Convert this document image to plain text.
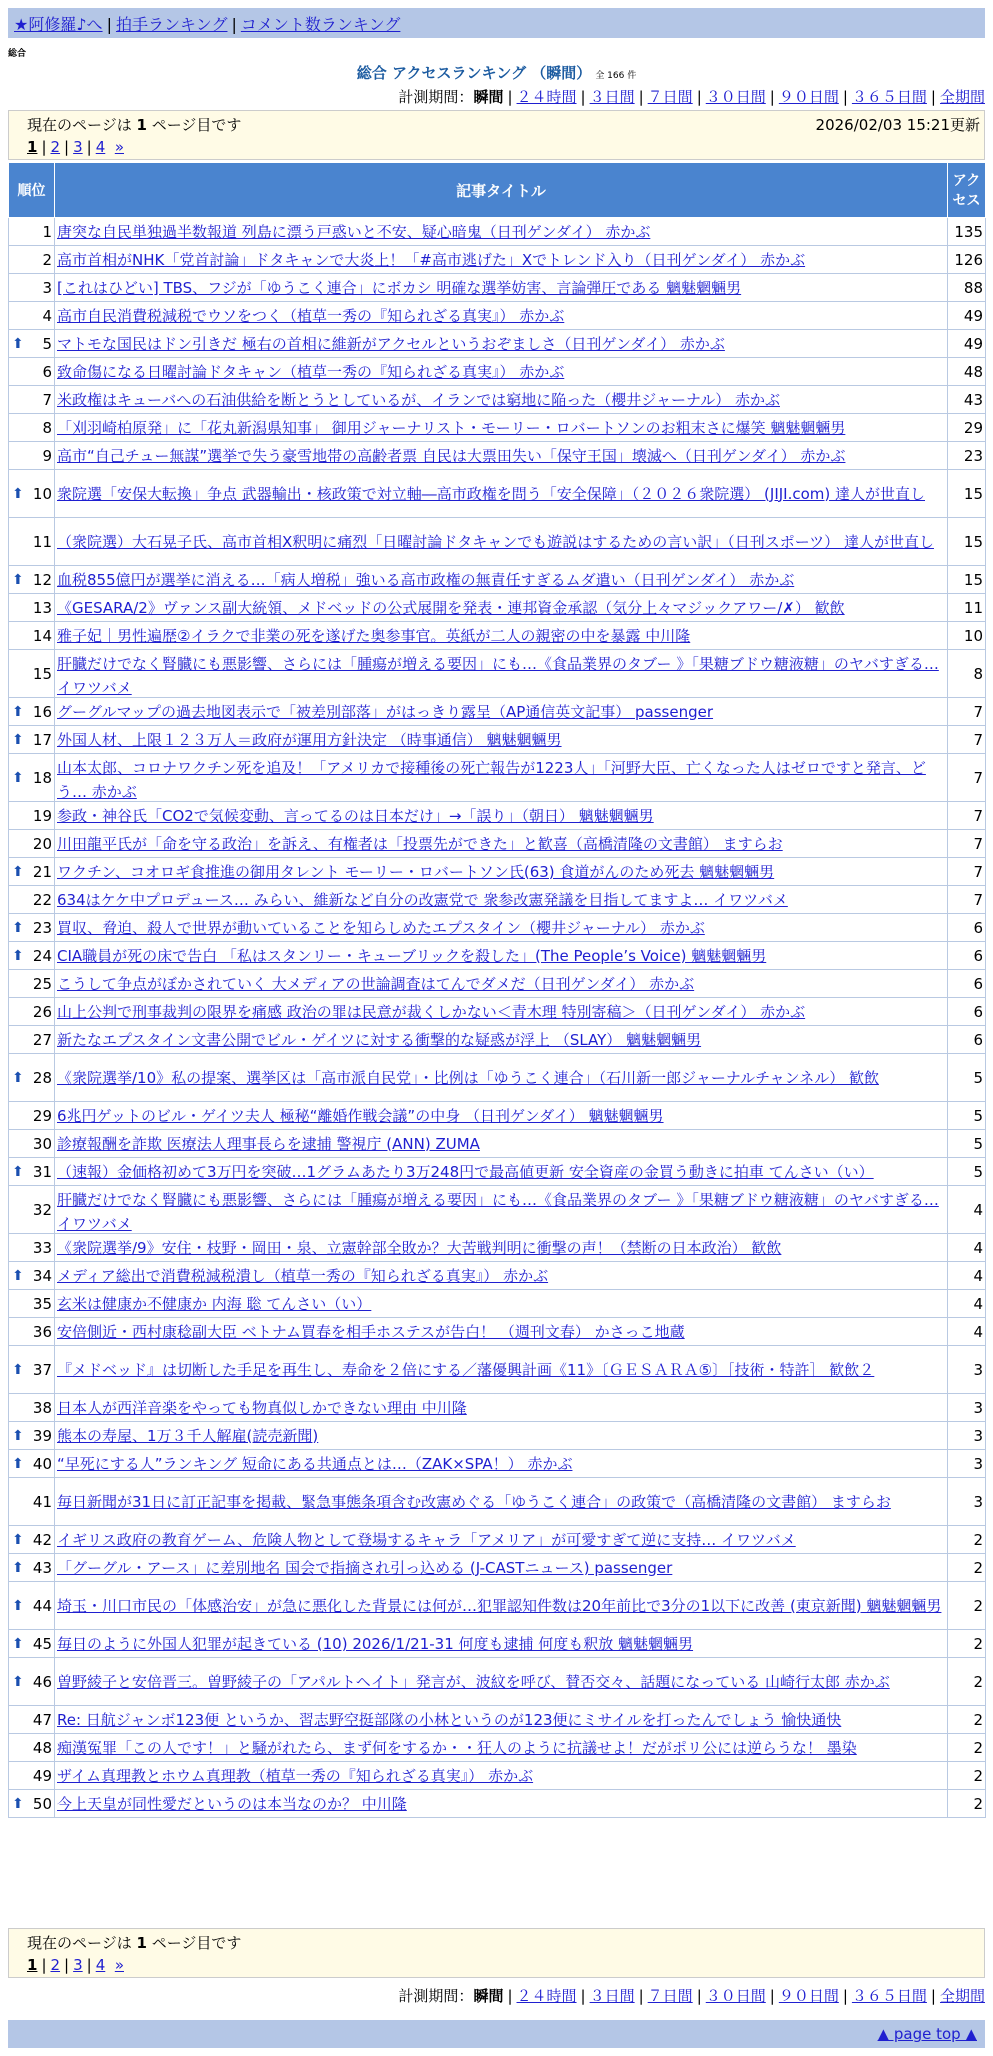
★阿修羅♪へ | 拍手ランキング | コメント数ランキング
総合
総合 アクセスランキング （瞬間） 全 166 件
計測期間：瞬間 | ２４時間 | ３日間 | ７日間 | ３０日間 | ９０日間 | ３６５日間 | 全期間
現在のページは 1 ページ目です	2026/02/03 15:21更新
1 | 2 | 3 | 4 »
順位	記事タイトル	アクセス
1	唐突な自民単独過半数報道 列島に漂う戸惑いと不安、疑心暗鬼（日刊ゲンダイ） 赤かぶ	135
2	高市首相がNHK「党首討論」ドタキャンで大炎上！「#高市逃げた」Xでトレンド入り（日刊ゲンダイ） 赤かぶ	126
3	[これはひどい] TBS、フジが「ゆうこく連合」にボカシ 明確な選挙妨害、言論弾圧である 魑魅魍魎男	88
4	高市自民消費税減税でウソをつく（植草一秀の『知られざる真実』） 赤かぶ	49

⬆ 5	マトモな国民はドン引きだ 極右の首相に維新がアクセルというおぞましさ（日刊ゲンダイ） 赤かぶ	49
6	致命傷になる日曜討論ドタキャン（植草一秀の『知られざる真実』） 赤かぶ	48
7	米政権はキューバへの石油供給を断とうとしているが、イランでは窮地に陥った（櫻井ジャーナル） 赤かぶ	43
8	「刈羽崎柏原発」に「花丸新潟県知事」 御用ジャーナリスト・モーリー・ロバートソンのお粗末さに爆笑 魑魅魍魎男	29
9	高市“自己チュー無謀”選挙で失う豪雪地帯の高齢者票 自民は大票田失い「保守王国」壊滅へ（日刊ゲンダイ） 赤かぶ	23

⬆ 10	衆院選「安保大転換」争点 武器輸出・核政策で対立軸―高市政権を問う「安全保障」（２０２６衆院選） (JIJI.com) 達人が世直し	15
11	（衆院選）大石晃子氏、高市首相X釈明に痛烈「日曜討論ドタキャンでも遊説はするための言い訳」（日刊スポーツ） 達人が世直し	15

⬆ 12	血税855億円が選挙に消える…「病人増税」強いる高市政権の無責任すぎるムダ遣い（日刊ゲンダイ） 赤かぶ	15
13	《GESARA/2》ヴァンス副大統領、メドベッドの公式展開を発表・連邦資金承認（気分上々マジックアワー/✗） 歓飲	11
14	雅子妃｜男性遍歴②イラクで非業の死を遂げた奥参事官。英紙が二人の親密の中を暴露 中川隆	10
15	肝臓だけでなく腎臓にも悪影響、さらには「腫瘍が増える要因」にも…《食品業界のタブー 》「果糖ブドウ糖液糖」のヤバすぎる… イワツバメ	8

⬆ 16	グーグルマップの過去地図表示で「被差別部落」がはっきり露呈（AP通信英文記事） passenger	7

⬆ 17	外国人材、上限１２３万人＝政府が運用方針決定 （時事通信） 魑魅魍魎男	7

⬆ 18	山本太郎、コロナワクチン死を追及！「アメリカで接種後の死亡報告が1223人」「河野大臣、亡くなった人はゼロですと発言、どう… 赤かぶ	7
19	参政・神谷氏「CO2で気候変動、言ってるのは日本だけ」→「誤り」（朝日） 魑魅魍魎男	7
20	川田龍平氏が「命を守る政治」を訴え、有権者は「投票先ができた」と歓喜（高橋清隆の文書館） ますらお	7

⬆ 21	ワクチン、コオロギ食推進の御用タレント モーリー・ロバートソン氏(63) 食道がんのため死去 魑魅魍魎男	7
22	634はケケ中プロデュース… みらい、維新など自分の改憲党で 衆参改憲発議を目指してますよ… イワツバメ	7

⬆ 23	買収、脅迫、殺人で世界が動いていることを知らしめたエプスタイン（櫻井ジャーナル） 赤かぶ	6

⬆ 24	CIA職員が死の床で告白 「私はスタンリー・キューブリックを殺した」(The People’s Voice) 魑魅魍魎男	6
25	こうして争点がぼかされていく 大メディアの世論調査はてんでダメだ（日刊ゲンダイ） 赤かぶ	6
26	山上公判で刑事裁判の限界を痛感 政治の罪は民意が裁くしかない＜青木理 特別寄稿＞（日刊ゲンダイ） 赤かぶ	6
27	新たなエプスタイン文書公開でビル・ゲイツに対する衝撃的な疑惑が浮上 （SLAY） 魑魅魍魎男	6

⬆ 28	《衆院選挙/10》私の提案、選挙区は「高市派自民党」・比例は「ゆうこく連合」（石川新一郎ジャーナルチャンネル） 歓飲	5
29	6兆円ゲットのビル・ゲイツ夫人 極秘“離婚作戦会議”の中身 （日刊ゲンダイ） 魑魅魍魎男	5
30	診療報酬を詐欺 医療法人理事長らを逮捕 警視庁 (ANN) ZUMA	5

⬆ 31	（速報）金価格初めて3万円を突破…1グラムあたり3万248円で最高値更新 安全資産の金買う動きに拍車 てんさい（い）	5
32	肝臓だけでなく腎臓にも悪影響、さらには「腫瘍が増える要因」にも…《食品業界のタブー 》「果糖ブドウ糖液糖」のヤバすぎる… イワツバメ	4
33	《衆院選挙/9》安住・枝野・岡田・泉、立憲幹部全敗か？大苦戦判明に衝撃の声！（禁断の日本政治） 歓飲	4

⬆ 34	メディア総出で消費税減税潰し（植草一秀の『知られざる真実』） 赤かぶ	4
35	玄米は健康か不健康か 内海 聡 てんさい（い）	4
36	安倍側近・西村康稔副大臣 ベトナム買春を相手ホステスが告白！ （週刊文春） かさっこ地蔵	4

⬆ 37	『メドベッド』は切断した手足を再生し、寿命を２倍にする／藩優興計画《11》〔ＧＥＳＡＲＡ⑤〕［技術・特許］ 歓飲２	3
38	日本人が西洋音楽をやっても物真似しかできない理由 中川隆	3

⬆ 39	熊本の寿屋、1万３千人解雇(読売新聞)	3

⬆ 40	“早死にする人”ランキング 短命にある共通点とは…（ZAK×SPA！） 赤かぶ	3
41	毎日新聞が31日に訂正記事を掲載、緊急事態条項含む改憲めぐる「ゆうこく連合」の政策で（高橋清隆の文書館） ますらお	3

⬆ 42	イギリス政府の教育ゲーム、危険人物として登場するキャラ「アメリア」が可愛すぎて逆に支持… イワツバメ	2

⬆ 43	「グーグル・アース」に差別地名 国会で指摘され引っ込める (J-CASTニュース) passenger	2

⬆ 44	埼玉・川口市民の「体感治安」が急に悪化した背景には何が…犯罪認知件数は20年前比で3分の1以下に改善 (東京新聞) 魑魅魍魎男	2

⬆ 45	毎日のように外国人犯罪が起きている (10) 2026/1/21-31 何度も逮捕 何度も釈放 魑魅魍魎男	2

⬆ 46	曽野綾子と安倍晋三。曽野綾子の「アパルトヘイト」発言が、波紋を呼び、賛否交々、話題になっている 山崎行太郎 赤かぶ	2
47	Re: 日航ジャンボ123便 というか、習志野空挺部隊の小林というのが123便にミサイルを打ったんでしょう 愉快通快	2
48	痴漢冤罪「この人です！」と騒がれたら、まず何をするか・・狂人のように抗議せよ！だがポリ公には逆らうな！ 墨染	2
49	ザイム真理教とホウム真理教（植草一秀の『知られざる真実』） 赤かぶ	2

⬆ 50	今上天皇が同性愛だというのは本当なのか？ 中川隆	2
現在のページは 1 ページ目です
1 | 2 | 3 | 4 »
計測期間：瞬間 | ２４時間 | ３日間 | ７日間 | ３０日間 | ９０日間 | ３６５日間 | 全期間
▲ page top ▲
